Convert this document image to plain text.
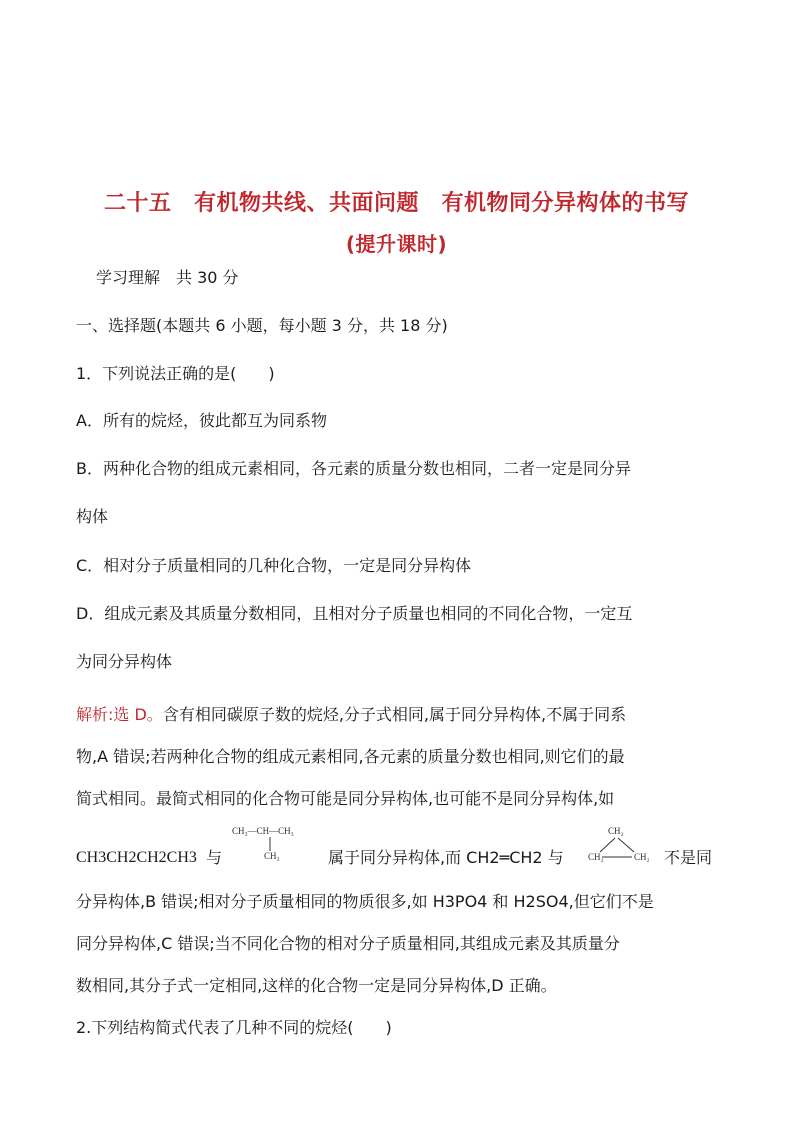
二十五　有机物共线、共面问题　有机物同分异构体的书写
(提升课时)
学习理解　共 30 分
一、选择题(本题共 6 小题，每小题 3 分，共 18 分)
1．下列说法正确的是(　　)
A．所有的烷烃，彼此都互为同系物
B．两种化合物的组成元素相同，各元素的质量分数也相同，二者一定是同分异
构体
C．相对分子质量相同的几种化合物，一定是同分异构体
D．组成元素及其质量分数相同，且相对分子质量也相同的不同化合物，一定互
为同分异构体
解析:选 D。含有相同碳原子数的烷烃,分子式相同,属于同分异构体,不属于同系
物,A 错误;若两种化合物的组成元素相同,各元素的质量分数也相同,则它们的最
简式相同。最简式相同的化合物可能是同分异构体,也可能不是同分异构体,如
CH3CH2CH2CH3 与
CH₃—CH—CH₃
CH₃	属于同分异构体,而 CH2═CH2 与
CH₂
CH₂	CH₂ 不是同
分异构体,B 错误;相对分子质量相同的物质很多,如 H3PO4 和 H2SO4,但它们不是
同分异构体,C 错误;当不同化合物的相对分子质量相同,其组成元素及其质量分
数相同,其分子式一定相同,这样的化合物一定是同分异构体,D 正确。
2.下列结构简式代表了几种不同的烷烃(　　)
